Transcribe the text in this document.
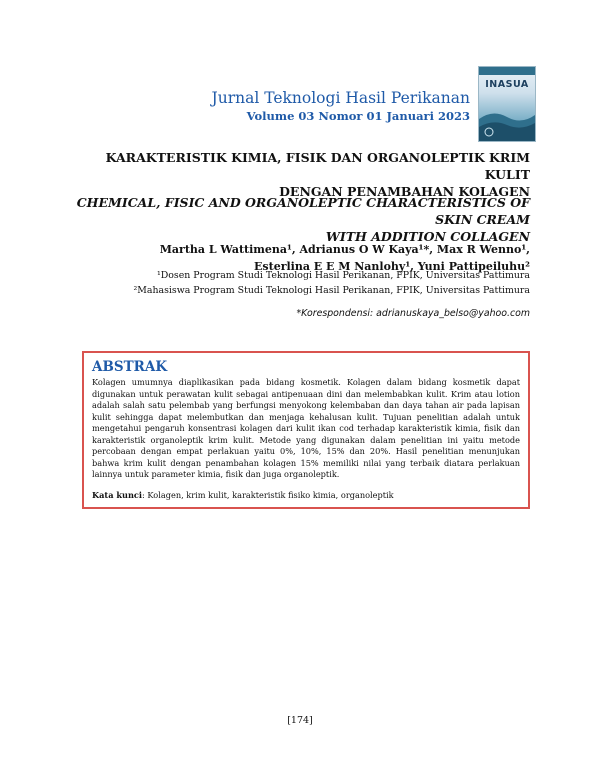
Jurnal Teknologi Hasil Perikanan
Volume 03 Nomor 01 Januari 2023
INASUA
KARAKTERISTIK KIMIA, FISIK DAN ORGANOLEPTIK KRIM KULIT
DENGAN PENAMBAHAN KOLAGEN
CHEMICAL, FISIC AND ORGANOLEPTIC CHARACTERISTICS OF SKIN CREAM
WITH ADDITION COLLAGEN
Martha L Wattimena¹, Adrianus O W Kaya¹*, Max R Wenno¹,
Esterlina E E M Nanlohy¹, Yuni Pattipeiluhu²
¹Dosen Program Studi Teknologi Hasil Perikanan, FPIK, Universitas Pattimura
²Mahasiswa Program Studi Teknologi Hasil Perikanan, FPIK, Universitas Pattimura
*Korespondensi: adrianuskaya_belso@yahoo.com
ABSTRAK
Kolagen umumnya diaplikasikan pada bidang kosmetik. Kolagen dalam bidang kosmetik dapat digunakan untuk perawatan kulit sebagai antipenuaan dini dan melembabkan kulit. Krim atau lotion adalah salah satu pelembab yang berfungsi menyokong kelembaban dan daya tahan air pada lapisan kulit sehingga dapat melembutkan dan menjaga kehalusan kulit. Tujuan penelitian adalah untuk mengetahui pengaruh konsentrasi kolagen dari kulit ikan cod terhadap karakteristik kimia, fisik dan karakteristik organoleptik krim kulit. Metode yang digunakan dalam penelitian ini yaitu metode percobaan dengan empat perlakuan yaitu 0%, 10%, 15% dan 20%. Hasil penelitian menunjukan bahwa krim kulit dengan penambahan kolagen 15% memiliki nilai yang terbaik diatara perlakuan lainnya untuk parameter kimia, fisik dan juga organoleptik.
Kata kunci: Kolagen, krim kulit, karakteristik fisiko kimia, organoleptik
[174]
